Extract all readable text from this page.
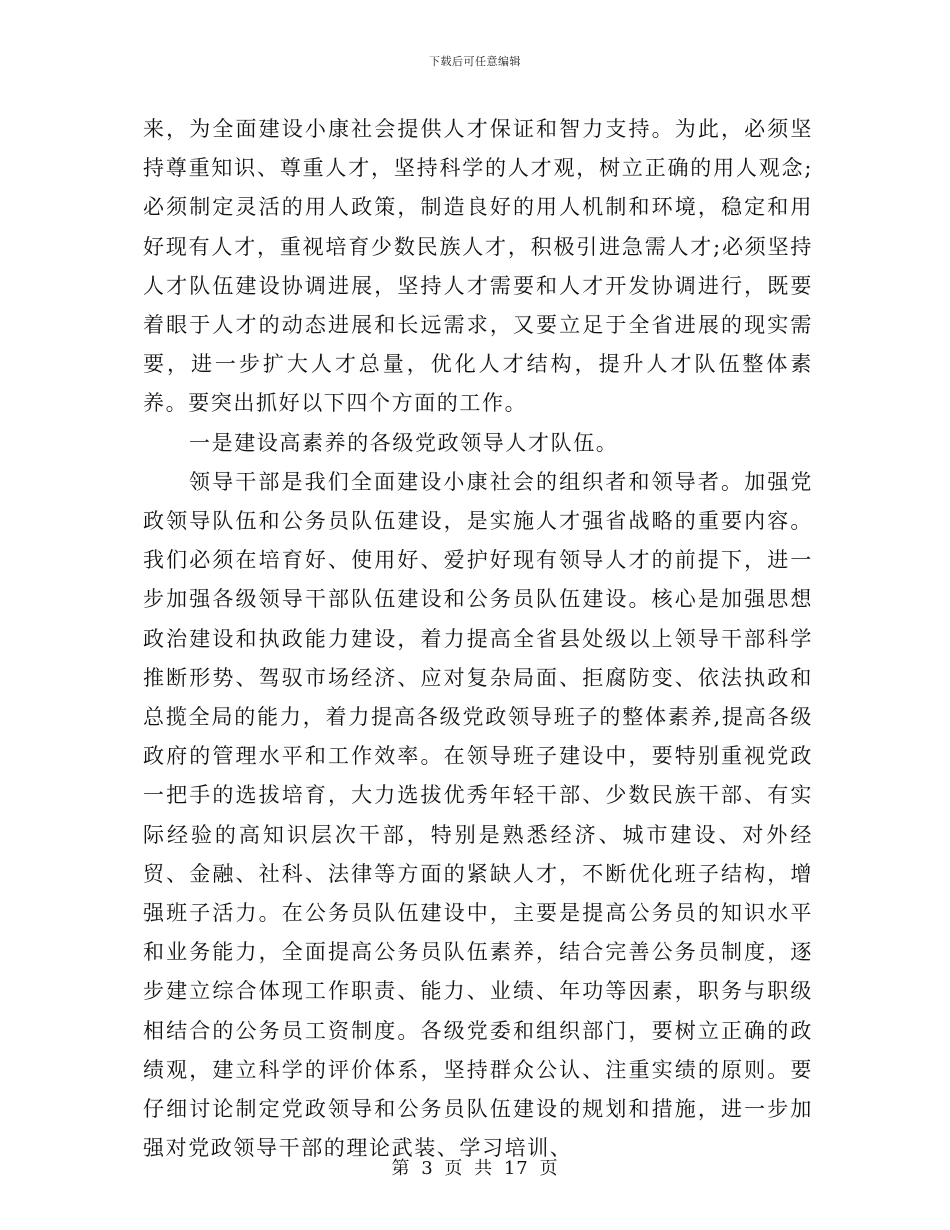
下载后可任意编辑

来，为全面建设小康社会提供人才保证和智力支持。为此，必须坚持尊重知识、尊重人才，坚持科学的人才观，树立正确的用人观念;必须制定灵活的用人政策，制造良好的用人机制和环境，稳定和用好现有人才，重视培育少数民族人才，积极引进急需人才;必须坚持人才队伍建设协调进展，坚持人才需要和人才开发协调进行，既要着眼于人才的动态进展和长远需求，又要立足于全省进展的现实需要，进一步扩大人才总量，优化人才结构，提升人才队伍整体素养。要突出抓好以下四个方面的工作。

一是建设高素养的各级党政领导人才队伍。

领导干部是我们全面建设小康社会的组织者和领导者。加强党政领导队伍和公务员队伍建设，是实施人才强省战略的重要内容。我们必须在培育好、使用好、爱护好现有领导人才的前提下，进一步加强各级领导干部队伍建设和公务员队伍建设。核心是加强思想政治建设和执政能力建设，着力提高全省县处级以上领导干部科学推断形势、驾驭市场经济、应对复杂局面、拒腐防变、依法执政和总揽全局的能力，着力提高各级党政领导班子的整体素养,提高各级政府的管理水平和工作效率。在领导班子建设中，要特别重视党政一把手的选拔培育，大力选拔优秀年轻干部、少数民族干部、有实际经验的高知识层次干部，特别是熟悉经济、城市建设、对外经贸、金融、社科、法律等方面的紧缺人才，不断优化班子结构，增强班子活力。在公务员队伍建设中，主要是提高公务员的知识水平和业务能力，全面提高公务员队伍素养，结合完善公务员制度，逐步建立综合体现工作职责、能力、业绩、年功等因素，职务与职级相结合的公务员工资制度。各级党委和组织部门，要树立正确的政绩观，建立科学的评价体系，坚持群众公认、注重实绩的原则。要仔细讨论制定党政领导和公务员队伍建设的规划和措施，进一步加强对党政领导干部的理论武装、学习培训、

第 3 页 共 17 页
